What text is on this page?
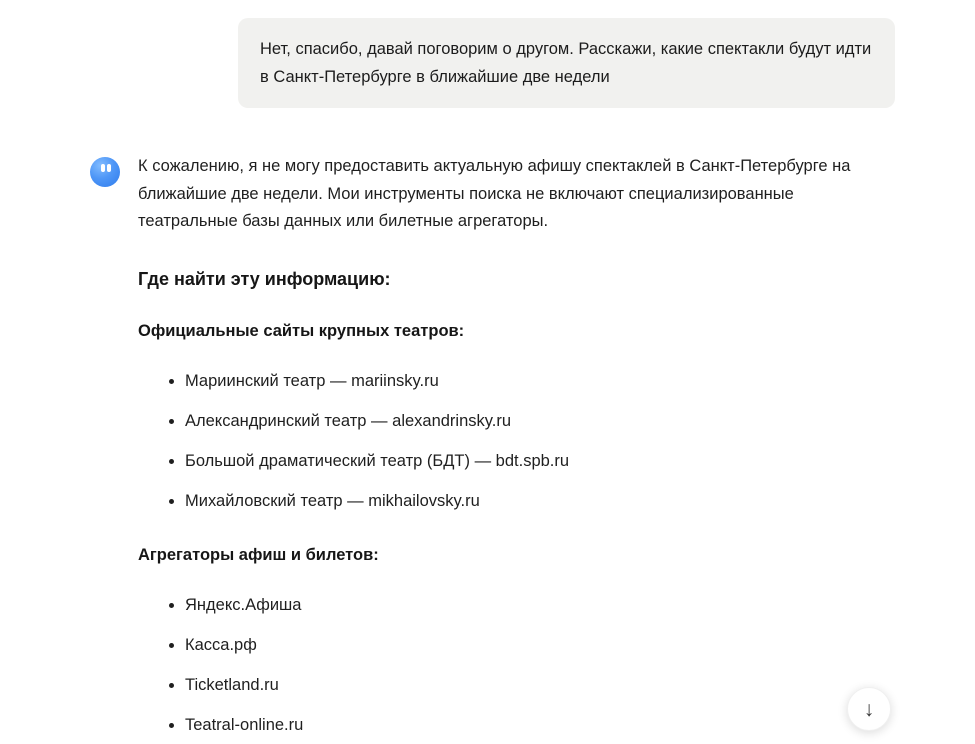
Нет, спасибо, давай поговорим о другом. Расскажи, какие спектакли будут идти в Санкт-Петербурге в ближайшие две недели

К сожалению, я не могу предоставить актуальную афишу спектаклей в Санкт-Петербурге на ближайшие две недели. Мои инструменты поиска не включают специализированные театральные базы данных или билетные агрегаторы.

Где найти эту информацию:

Официальные сайты крупных театров:

• Мариинский театр — mariinsky.ru
• Александринский театр — alexandrinsky.ru
• Большой драматический театр (БДТ) — bdt.spb.ru
• Михайловский театр — mikhailovsky.ru

Агрегаторы афиш и билетов:

• Яндекс.Афиша
• Касса.рф
• Ticketland.ru
• Teatral-online.ru
↓
